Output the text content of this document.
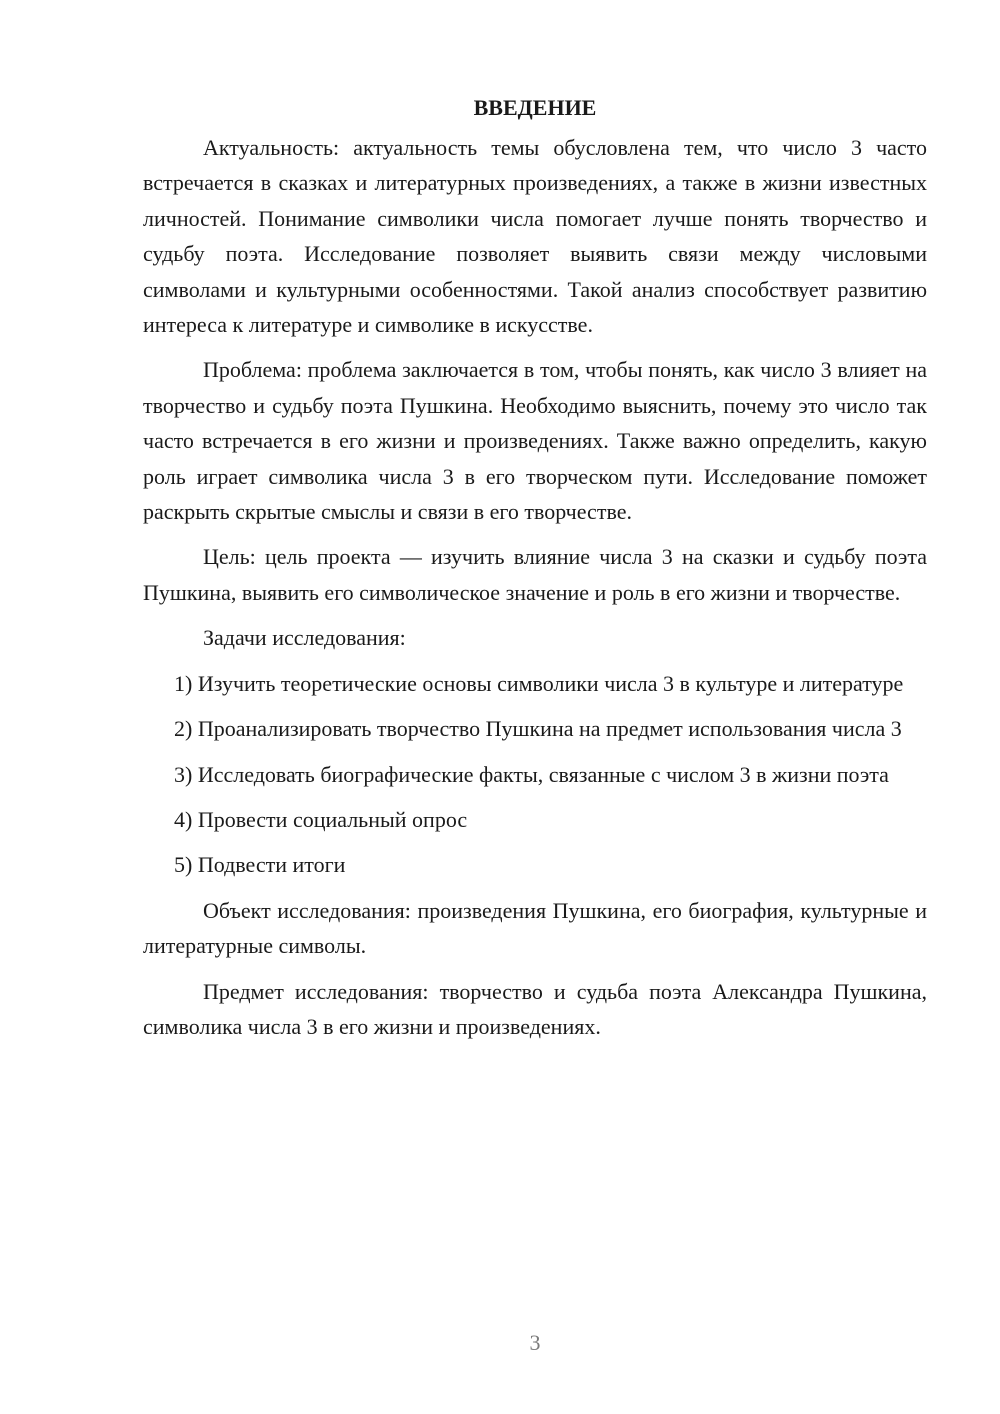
ВВЕДЕНИЕ

Актуальность: актуальность темы обусловлена тем, что число 3 часто встречается в сказках и литературных произведениях, а также в жизни известных личностей. Понимание символики числа помогает лучше понять творчество и судьбу поэта. Исследование позволяет выявить связи между числовыми символами и культурными особенностями. Такой анализ способствует развитию интереса к литературе и символике в искусстве.

Проблема: проблема заключается в том, чтобы понять, как число 3 влияет на творчество и судьбу поэта Пушкина. Необходимо выяснить, почему это число так часто встречается в его жизни и произведениях. Также важно определить, какую роль играет символика числа 3 в его творческом пути. Исследование поможет раскрыть скрытые смыслы и связи в его творчестве.

Цель: цель проекта — изучить влияние числа 3 на сказки и судьбу поэта Пушкина, выявить его символическое значение и роль в его жизни и творчестве.

Задачи исследования:

1) Изучить теоретические основы символики числа 3 в культуре и литературе

2) Проанализировать творчество Пушкина на предмет использования числа 3

3) Исследовать биографические факты, связанные с числом 3 в жизни поэта

4) Провести социальный опрос

5) Подвести итоги

Объект исследования: произведения Пушкина, его биография, культурные и литературные символы.

Предмет исследования: творчество и судьба поэта Александра Пушкина, символика числа 3 в его жизни и произведениях.

3
